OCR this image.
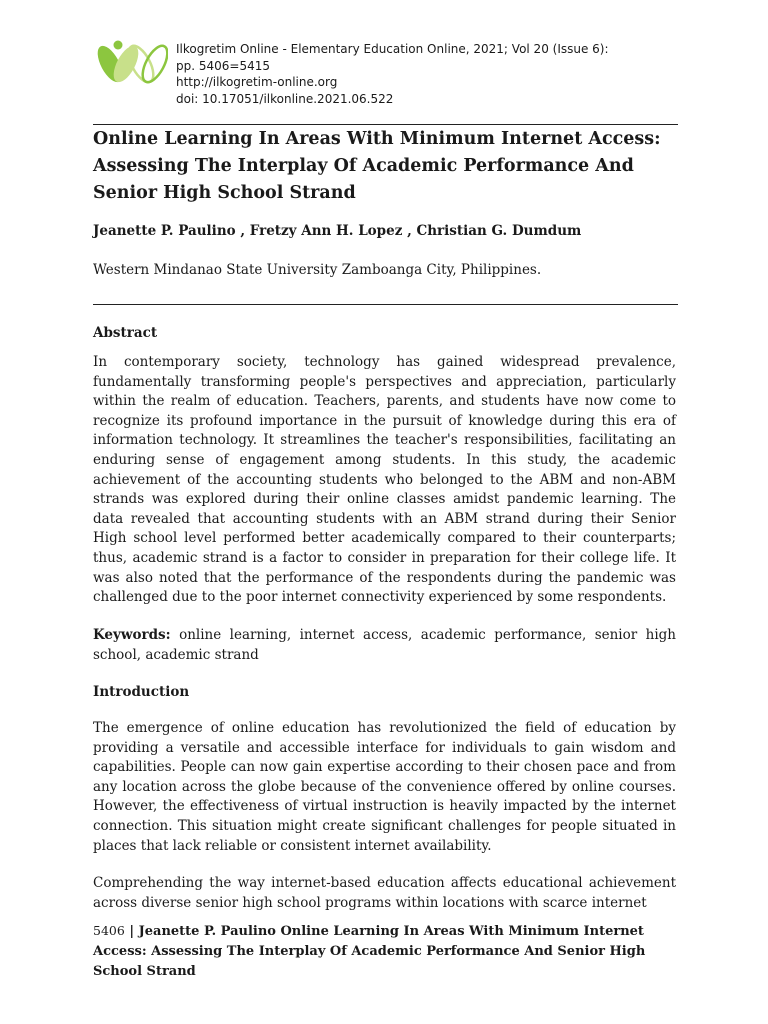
Ilkogretim Online - Elementary Education Online, 2021; Vol 20 (Issue 6):
pp. 5406=5415
http://ilkogretim-online.org
doi: 10.17051/ilkonline.2021.06.522
Online Learning In Areas With Minimum Internet Access: Assessing The Interplay Of Academic Performance And Senior High School Strand
Jeanette P. Paulino , Fretzy Ann H. Lopez , Christian G. Dumdum
Western Mindanao State University Zamboanga City, Philippines.
Abstract

In contemporary society, technology has gained widespread prevalence, fundamentally transforming people's perspectives and appreciation, particularly within the realm of education. Teachers, parents, and students have now come to recognize its profound importance in the pursuit of knowledge during this era of information technology. It streamlines the teacher's responsibilities, facilitating an enduring sense of engagement among students. In this study, the academic achievement of the accounting students who belonged to the ABM and non-ABM strands was explored during their online classes amidst pandemic learning. The data revealed that accounting students with an ABM strand during their Senior High school level performed better academically compared to their counterparts; thus, academic strand is a factor to consider in preparation for their college life. It was also noted that the performance of the respondents during the pandemic was challenged due to the poor internet connectivity experienced by some respondents.

Keywords: online learning, internet access, academic performance, senior high school, academic strand

Introduction

The emergence of online education has revolutionized the field of education by providing a versatile and accessible interface for individuals to gain wisdom and capabilities. People can now gain expertise according to their chosen pace and from any location across the globe because of the convenience offered by online courses. However, the effectiveness of virtual instruction is heavily impacted by the internet connection. This situation might create significant challenges for people situated in places that lack reliable or consistent internet availability.

Comprehending the way internet-based education affects educational achievement across diverse senior high school programs within locations with scarce internet

5406 | Jeanette P. Paulino Online Learning In Areas With Minimum Internet Access: Assessing The Interplay Of Academic Performance And Senior High School Strand
